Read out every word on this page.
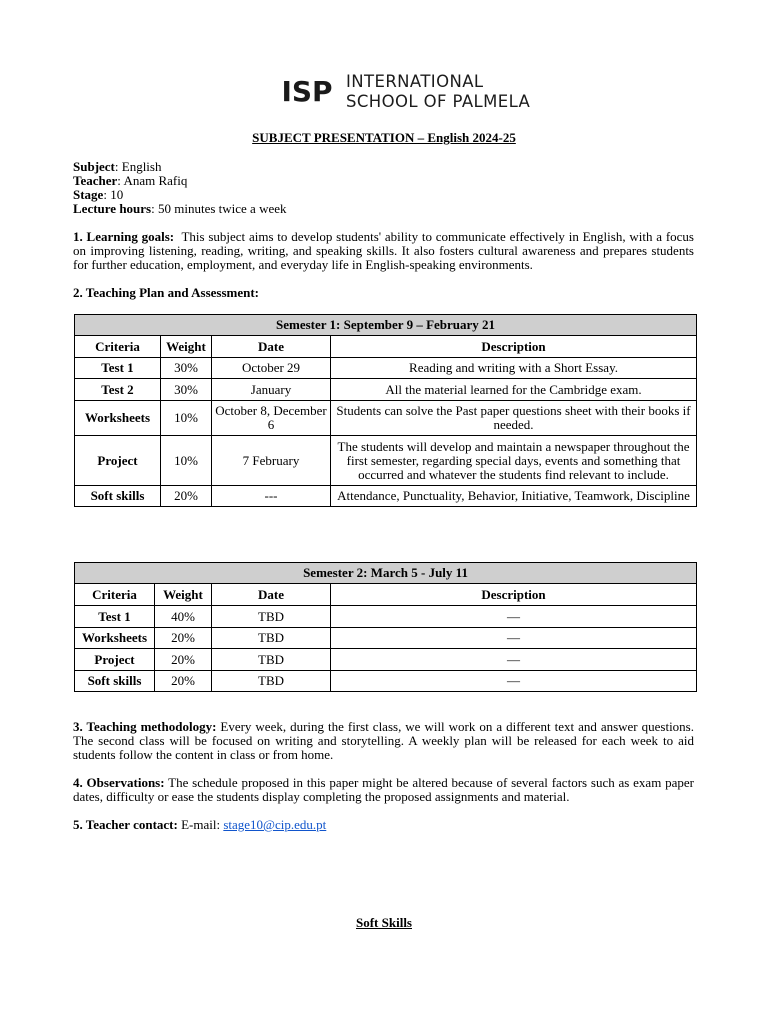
ISP INTERNATIONAL
SCHOOL OF PALMELA
SUBJECT PRESENTATION – English 2024-25
Subject: English
Teacher: Anam Rafiq
Stage: 10
Lecture hours: 50 minutes twice a week

1. Learning goals: This subject aims to develop students' ability to communicate effectively in English, with a focus on improving listening, reading, writing, and speaking skills. It also fosters cultural awareness and prepares students for further education, employment, and everyday life in English-speaking environments.

2. Teaching Plan and Assessment:

Semester 1: September 9 – February 21			
Criteria	Weight	Date	Description
Test 1	30%	October 29	Reading and writing with a Short Essay.
Test 2	30%	January	All the material learned for the Cambridge exam.
Worksheets	10%	October 8, December 6	Students can solve the Past paper questions sheet with their books if needed.
Project	10%	7 February	The students will develop and maintain a newspaper throughout the first semester, regarding special days, events and something that occurred and whatever the students find relevant to include.
Soft skills	20%	---	Attendance, Punctuality, Behavior, Initiative, Teamwork, Discipline
Semester 2: March 5 - July 11			
Criteria	Weight	Date	Description
Test 1	40%	TBD	—
Worksheets	20%	TBD	—
Project	20%	TBD	—
Soft skills	20%	TBD	—

3. Teaching methodology: Every week, during the first class, we will work on a different text and answer questions. The second class will be focused on writing and storytelling. A weekly plan will be released for each week to aid students follow the content in class or from home.

4. Observations: The schedule proposed in this paper might be altered because of several factors such as exam paper dates, difficulty or ease the students display completing the proposed assignments and material.

5. Teacher contact: E-mail: stage10@cip.edu.pt

Soft Skills
